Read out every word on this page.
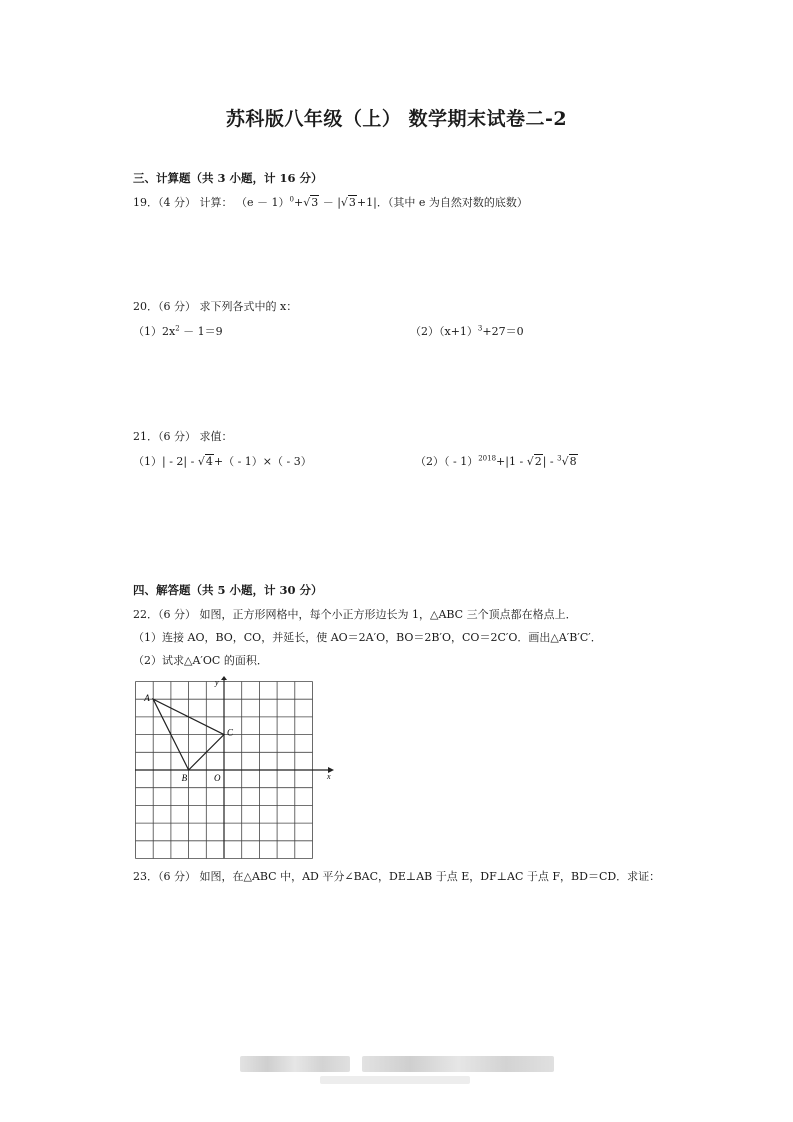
苏科版八年级（上） 数学期末试卷二-2
三、计算题（共 3 小题，计 16 分）
19．（4 分） 计算： $(e - 1)^0+√3 - |√3+1|$．（其中 e 为自然对数的底数）
20．（6 分） 求下列各式中的 x：
$(1)2x^2 - 1=9$	$(2)(x+1)^3+27=0$
21．（6 分） 求值：
（1）| - 2| - √4+（ - 1）×（ - 3）	（2）（ - 1）$^{2018}$+|1 - √2| - $^3$√8
四、解答题（共 5 小题，计 30 分）
22．（6 分） 如图，正方形网格中，每个小正方形边长为 1，△ABC 三个顶点都在格点上．
（1）连接 AO，BO，CO，并延长，使 AO＝2A′O，BO＝2B′O，CO＝2C′O．画出△A′B′C′．
（2）试求△A′OC 的面积．
A
B
C
O	x
y
23．（6 分） 如图，在△ABC 中，AD 平分∠BAC，DE⊥AB 于点 E，DF⊥AC 于点 F，BD＝CD．求证：
